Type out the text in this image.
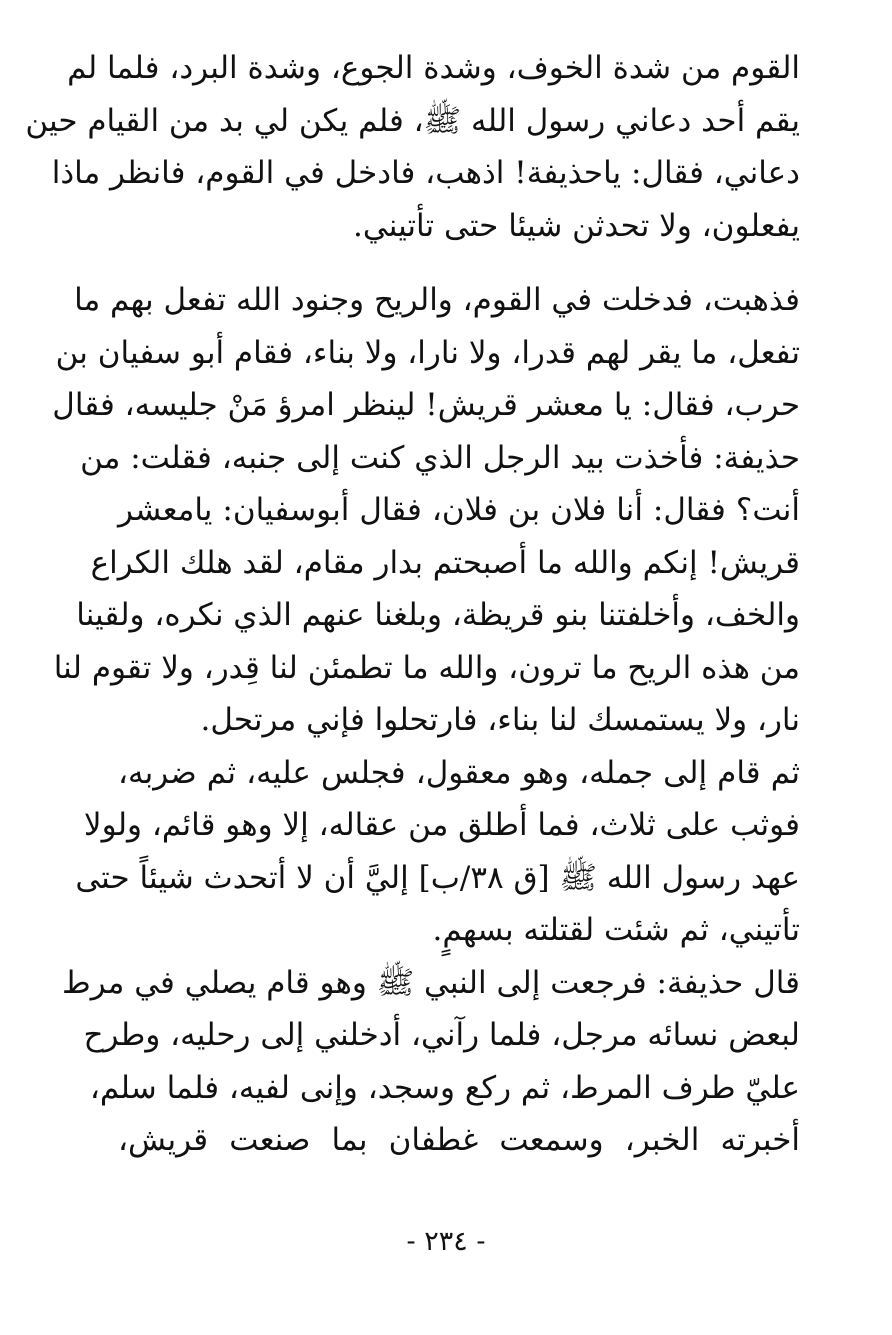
القوم من شدة الخوف، وشدة الجوع، وشدة البرد، فلما لم
يقم أحد دعاني رسول الله ﷺ، فلم يكن لي بد من القيام حين
دعاني، فقال: ياحذيفة! اذهب، فادخل في القوم، فانظر ماذا
يفعلون، ولا تحدثن شيئا حتى تأتيني.
فذهبت، فدخلت في القوم، والريح وجنود الله تفعل بهم ما
تفعل، ما يقر لهم قدرا، ولا نارا، ولا بناء، فقام أبو سفيان بن
حرب، فقال: يا معشر قريش! لينظر امرؤ مَنْ جليسه، فقال
حذيفة: فأخذت بيد الرجل الذي كنت إلى جنبه، فقلت: من
أنت؟ فقال: أنا فلان بن فلان، فقال أبوسفيان: يامعشر
قريش! إنكم والله ما أصبحتم بدار مقام، لقد هلك الكراع
والخف، وأخلفتنا بنو قريظة، وبلغنا عنهم الذي نكره، ولقينا
من هذه الريح ما ترون، والله ما تطمئن لنا قِدر، ولا تقوم لنا
نار، ولا يستمسك لنا بناء، فارتحلوا فإني مرتحل.
ثم قام إلى جمله، وهو معقول، فجلس عليه، ثم ضربه،
فوثب على ثلاث، فما أطلق من عقاله، إلا وهو قائم، ولولا
عهد رسول الله ﷺ [ق ٣٨/ب] إليَّ أن لا أتحدث شيئاً حتى
تأتيني، ثم شئت لقتلته بسهمٍ.
قال حذيفة: فرجعت إلى النبي ﷺ وهو قام يصلي في مرط
لبعض نسائه مرجل، فلما رآني، أدخلني إلى رحليه، وطرح
عليّ طرف المرط، ثم ركع وسجد، وإنى لفيه، فلما سلم،
أخبرته الخبر، وسمعت غطفان بما صنعت قريش،
- ٢٣٤ -
